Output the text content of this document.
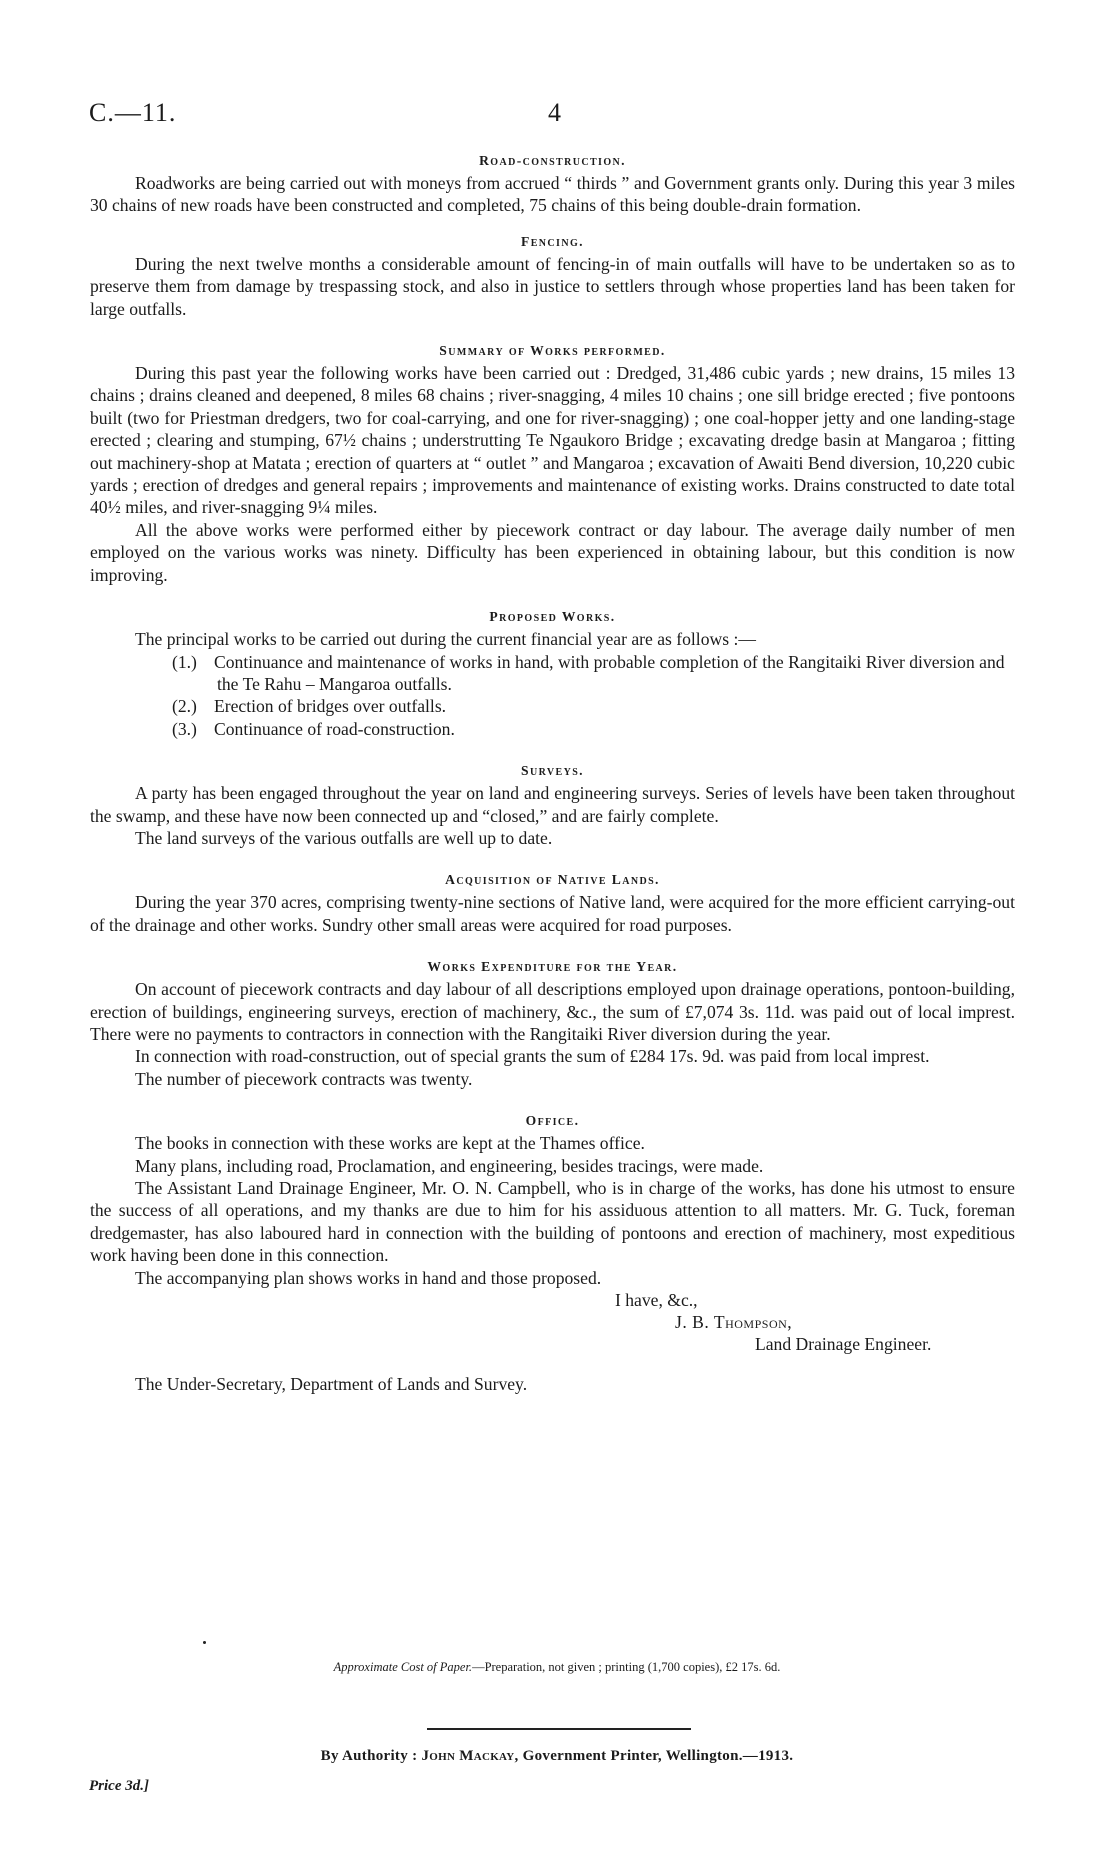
C.—11.	4
Road-construction.

Roadworks are being carried out with moneys from accrued “ thirds ” and Government grants only. During this year 3 miles 30 chains of new roads have been constructed and completed, 75 chains of this being double-drain formation.

Fencing.

During the next twelve months a considerable amount of fencing-in of main outfalls will have to be undertaken so as to preserve them from damage by trespassing stock, and also in justice to settlers through whose properties land has been taken for large outfalls.

Summary of Works performed.

During this past year the following works have been carried out : Dredged, 31,486 cubic yards ; new drains, 15 miles 13 chains ; drains cleaned and deepened, 8 miles 68 chains ; river-snagging, 4 miles 10 chains ; one sill bridge erected ; five pontoons built (two for Priestman dredgers, two for coal-carrying, and one for river-snagging) ; one coal-hopper jetty and one landing-stage erected ; clearing and stumping, 67½ chains ; understrutting Te Ngaukoro Bridge ; excavating dredge basin at Mangaroa ; fitting out machinery-shop at Matata ; erection of quarters at “ outlet ” and Mangaroa ; excavation of Awaiti Bend diversion, 10,220 cubic yards ; erection of dredges and general repairs ; improvements and maintenance of existing works. Drains constructed to date total 40½ miles, and river-snagging 9¼ miles.

All the above works were performed either by piecework contract or day labour. The average daily number of men employed on the various works was ninety. Difficulty has been experienced in obtaining labour, but this condition is now improving.

Proposed Works.

The principal works to be carried out during the current financial year are as follows :—

(1.) Continuance and maintenance of works in hand, with probable completion of the Rangitaiki River diversion and the Te Rahu – Mangaroa outfalls.
(2.) Erection of bridges over outfalls.
(3.) Continuance of road-construction.
Surveys.

A party has been engaged throughout the year on land and engineering surveys. Series of levels have been taken throughout the swamp, and these have now been connected up and “closed,” and are fairly complete.

The land surveys of the various outfalls are well up to date.

Acquisition of Native Lands.

During the year 370 acres, comprising twenty-nine sections of Native land, were acquired for the more efficient carrying-out of the drainage and other works. Sundry other small areas were acquired for road purposes.

Works Expenditure for the Year.

On account of piecework contracts and day labour of all descriptions employed upon drainage operations, pontoon-building, erection of buildings, engineering surveys, erection of machinery, &c., the sum of £7,074 3s. 11d. was paid out of local imprest. There were no payments to contractors in connection with the Rangitaiki River diversion during the year.

In connection with road-construction, out of special grants the sum of £284 17s. 9d. was paid from local imprest.

The number of piecework contracts was twenty.

Office.

The books in connection with these works are kept at the Thames office.

Many plans, including road, Proclamation, and engineering, besides tracings, were made.

The Assistant Land Drainage Engineer, Mr. O. N. Campbell, who is in charge of the works, has done his utmost to ensure the success of all operations, and my thanks are due to him for his assiduous attention to all matters. Mr. G. Tuck, foreman dredgemaster, has also laboured hard in connection with the building of pontoons and erection of machinery, most expeditious work having been done in this connection.

The accompanying plan shows works in hand and those proposed.

I have, &c.,
J. B. Thompson,
Land Drainage Engineer.

The Under-Secretary, Department of Lands and Survey.

Approximate Cost of Paper.—Preparation, not given ; printing (1,700 copies), £2 17s. 6d.
By Authority : John Mackay, Government Printer, Wellington.—1913.
Price 3d.]
